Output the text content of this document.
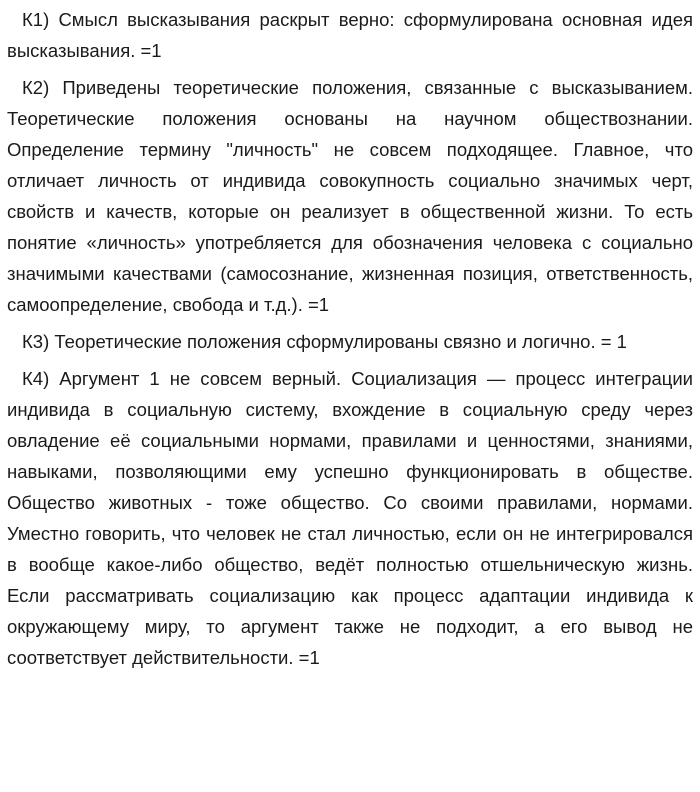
К1) Смысл высказывания раскрыт верно: сформулирована основная идея высказывания. =1

К2) Приведены теоретические положения, связанные с высказыванием. Теоретические положения основаны на научном обществознании. Определение термину "личность" не совсем подходящее. Главное, что отличает личность от индивида совокупность социально значимых черт, свойств и качеств, которые он реализует в общественной жизни. То есть понятие «личность» употребляется для обозначения человека с социально значимыми качествами (самосознание, жизненная позиция, ответственность, самоопределение, свобода и т.д.). =1

К3) Теоретические положения сформулированы связно и логично. = 1

К4) Аргумент 1 не совсем верный. Социализация — процесс интеграции индивида в социальную систему, вхождение в социальную среду через овладение её социальными нормами, правилами и ценностями, знаниями, навыками, позволяющими ему успешно функционировать в обществе. Общество животных - тоже общество. Со своими правилами, нормами. Уместно говорить, что человек не стал личностью, если он не интегрировался в вообще какое-либо общество, ведёт полностью отшельническую жизнь. Если рассматривать социализацию как процесс адаптации индивида к окружающему миру, то аргумент также не подходит, а его вывод не соответствует действительности. =1
